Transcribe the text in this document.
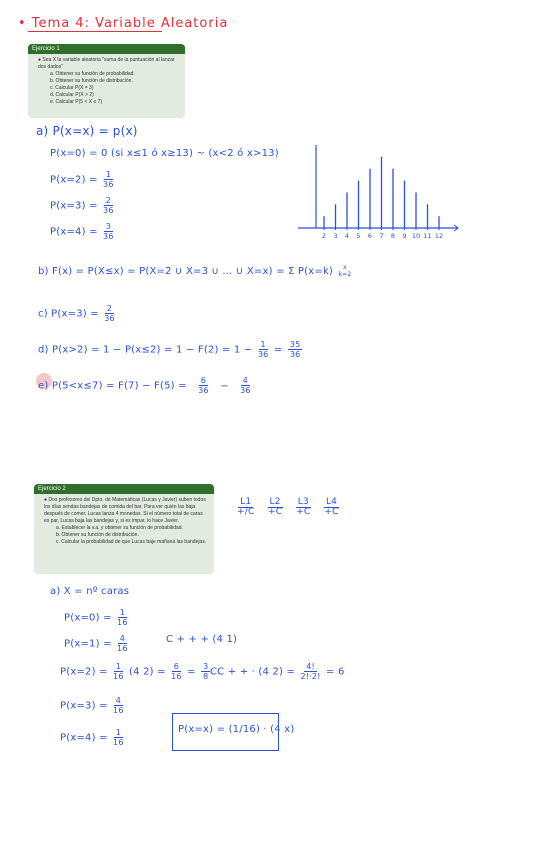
• Tema 4: Variable Aleatoria
Ejercicio 1
● Sea X la variable aleatoria "suma de la puntuación al lanzar dos dados"
a. Obtener su función de probabilidad.
b. Obtener su función de distribución.
c. Calcular P(X = 3)
d. Calcular P(X > 2)
e. Calcular P(5 < X ≤ 7)
a) P(x=x) = p(x)
P(x=0) = 0 (si x≤1 ó x≥13) ~ (x<2 ó x>13)
$P(x=2) = \frac{1}{36}$
$P(x=3) = \frac{2}{36}$
$P(x=4) = \frac{3}{36}$	2 3 4 5 6 7 8 9 10 11 12
b) F(x) = P(X≤x) = P(X=2 ∪ X=3 ∪ ... ∪ X=x) = Σ P(x=k) x
k=2
c) $P(x=3) = \frac{2}{36}$
d) $P(x>2) = 1 - P(x\le 2) = 1 - F(2) = 1 - \frac{1}{36} = \frac{35}{36}$
e) $P(5<x\le 7) = F(7) - F(5) = \frac{6}{36} - \frac{4}{36}$
Ejercicio 2
● Dos profesores del Dpto. de Matemáticas (Lucas y Javier) suben todos los días sendas bandejas de comida del bar. Para ver quién las baja después de comer, Lucas lanza 4 monedas. Si el número total de caras es par, Lucas baja las bandejas y, si es impar, lo hace Javier.
a. Establecer la v.a. y obtener su función de probabilidad.
b. Obtener su función de distribución.
c. Calcular la probabilidad de que Lucas baje mañana las bandejas.
$\frac{L1}{+/C}$
$\frac{L2}{+C}$
$\frac{L3}{+C}$
$\frac{L4}{+C}$
a) X = nº caras
$P(x=0) = \frac{1}{16}$
$P(x=1) = \frac{4}{16}$	C + + + (4 1)
$P(x=2) = \frac{1}{16} (4$ $2) = \frac{6}{16} = \frac{3}{8}$ CC + + · (4 $2) = \frac{4!}{2!\cdot 2!} = 6$
$P(x=3) = \frac{4}{16}$
$P(x=4) = \frac{1}{16}$	P(x=x) = (1/16) · (4 x)
